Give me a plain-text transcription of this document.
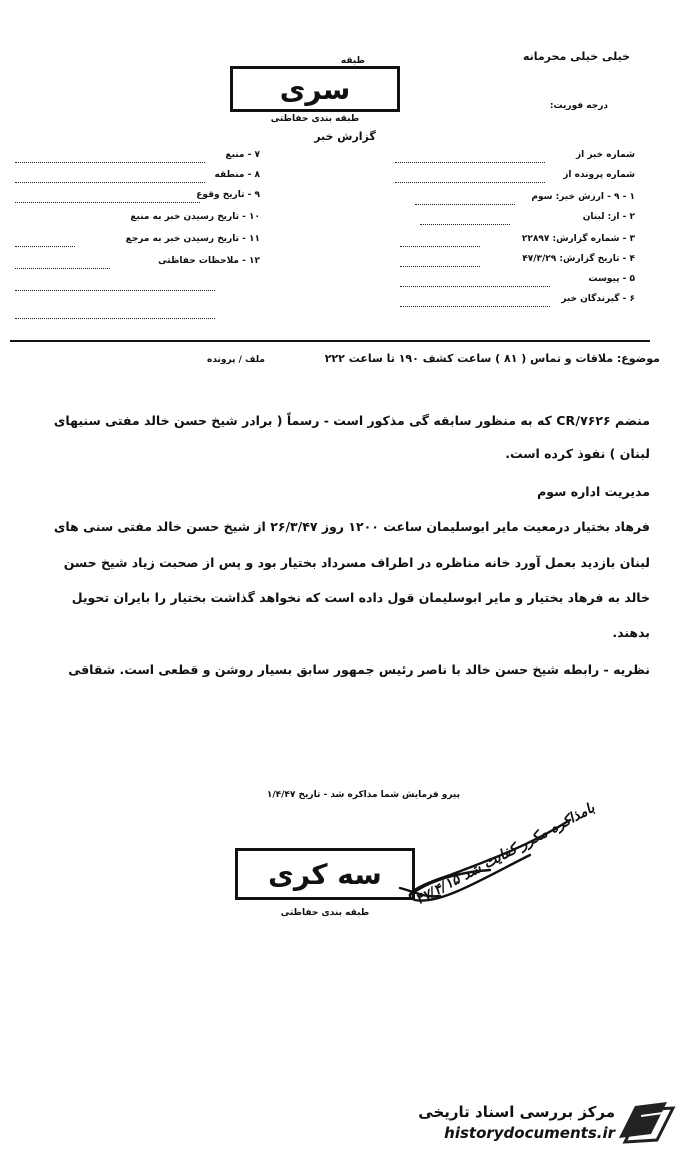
خیلی خیلی محرمانه
درجه فوریت:
طبقه
سری
طبقه بندی حفاظتی
گزارش خبر
شماره خبر از
شماره پرونده از
۱ - ۹ - ارزش خبر: سوم
۲ - از: لبنان
۳ - شماره گزارش: ۲۲۸۹۷
۴ - تاریخ گزارش: ۴۷/۳/۲۹
۵ - پیوست
۶ - گیرندگان خبر
۷ - منبع
۸ - منطقه
۹ - تاریخ وقوع
۱۰ - تاریخ رسیدن خبر به منبع
۱۱ - تاریخ رسیدن خبر به مرجع
۱۲ - ملاحظات حفاظتی
موضوع: ملاقات و تماس ( ۸۱ ) ساعت کشف ۱۹۰ تا ساعت ۲۲۲
ملف / پرونده
منضم CR/۷۶۲۶ که به منظور سابقه گی مذکور است - رسماً ( برادر شیخ حسن خالد مفتی سنیهای
لبنان ) نفوذ کرده است.
مدیریت اداره سوم
فرهاد بختیار درمعیت مایر ابوسلیمان ساعت ۱۲۰۰ روز ۲۶/۳/۴۷ از شیخ حسن خالد مفتی سنی های
لبنان بازدید بعمل آورد خانه مناظره در اطراف مسرداد بختیار بود و پس از صحبت زیاد شیخ حسن
خالد به فرهاد بختیار و مایر ابوسلیمان قول داده است که نخواهد گذاشت بختیار را بایران تحویل
بدهند.
نظریه - رابطه شیخ حسن خالد با ناصر رئیس جمهور سابق بسیار روشن و قطعی است. شقاقی
پیرو فرمایش شما مذاکره شد - تاریخ ۱/۴/۴۷
بامذاکره مکرر کفایت شد ۴۷/۴/۱۵
سه کری
طبقه بندی حفاظتی
مرکز بررسی اسناد تاریخی
historydocuments.ir
